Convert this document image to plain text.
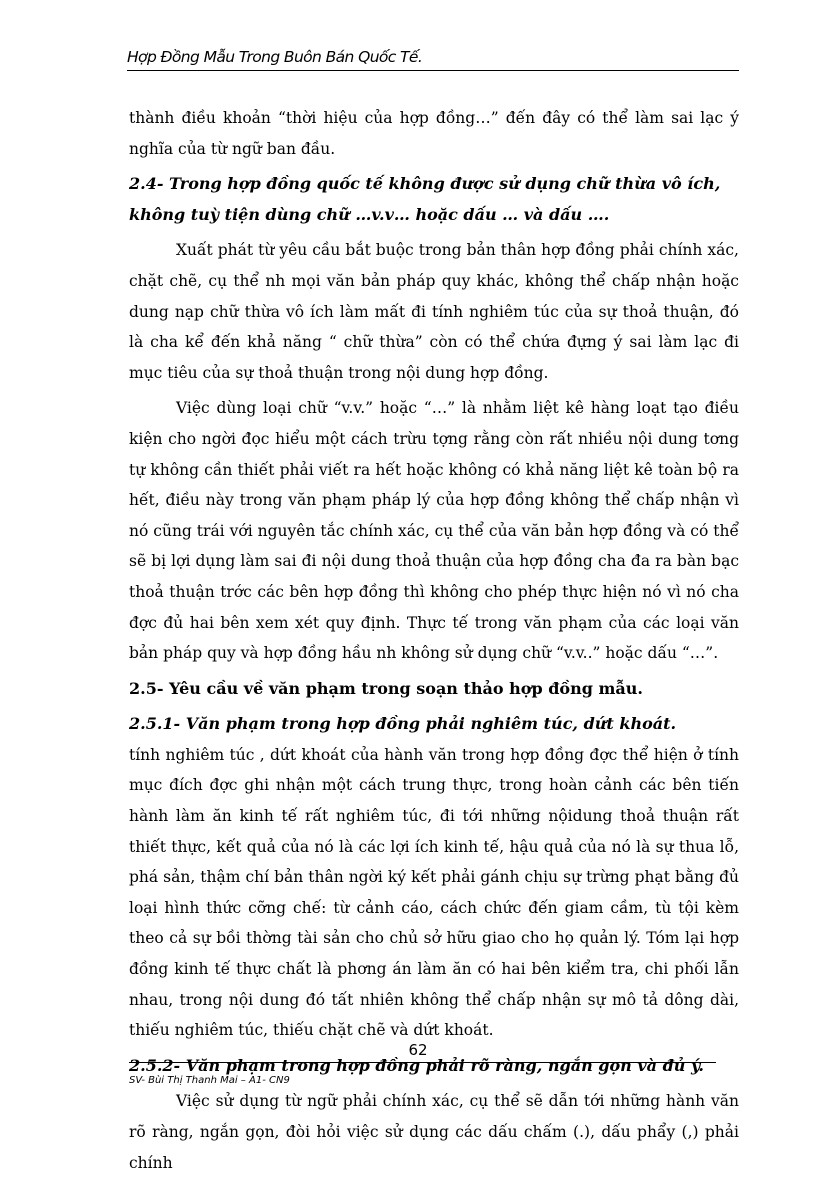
Hợp Đồng Mẫu Trong Buôn Bán Quốc Tế.

thành điều khoản “thời hiệu của hợp đồng…” đến đây có thể làm sai lạc ý nghĩa của từ ngữ ban đầu.

2.4- Trong hợp đồng quốc tế không được sử dụng chữ thừa vô ích, không tuỳ tiện dùng chữ …v.v… hoặc dấu … và dấu ….

Xuất phát từ yêu cầu bắt buộc trong bản thân hợp đồng phải chính xác, chặt chẽ, cụ thể nh mọi văn bản pháp quy khác, không thể chấp nhận hoặc dung nạp chữ thừa vô ích làm mất đi tính nghiêm túc của sự thoả thuận, đó là cha kể đến khả năng “ chữ thừa” còn có thể chứa đựng ý sai làm lạc đi mục tiêu của sự thoả thuận trong nội dung hợp đồng.

Việc dùng loại chữ “v.v.” hoặc “…” là nhằm liệt kê hàng loạt tạo điều kiện cho ngời đọc hiểu một cách trừu tợng rằng còn rất nhiều nội dung tơng tự không cần thiết phải viết ra hết hoặc không có khả năng liệt kê toàn bộ ra hết, điều này trong văn phạm pháp lý của hợp đồng không thể chấp nhận vì nó cũng trái với nguyên tắc chính xác, cụ thể của văn bản hợp đồng và có thể sẽ bị lợi dụng làm sai đi nội dung thoả thuận của hợp đồng cha đa ra bàn bạc thoả thuận trớc các bên hợp đồng thì không cho phép thực hiện nó vì nó cha đợc đủ hai bên xem xét quy định. Thực tế trong văn phạm của các loại văn bản pháp quy và hợp đồng hầu nh không sử dụng chữ “v.v..” hoặc dấu “…”.

2.5- Yêu cầu về văn phạm trong soạn thảo hợp đồng mẫu.

2.5.1- Văn phạm trong hợp đồng phải nghiêm túc, dứt khoát.

tính nghiêm túc , dứt khoát của hành văn trong hợp đồng đợc thể hiện ở tính mục đích đợc ghi nhận một cách trung thực, trong hoàn cảnh các bên tiến hành làm ăn kinh tế rất nghiêm túc, đi tới những nộidung thoả thuận rất thiết thực, kết quả của nó là các lợi ích kinh tế, hậu quả của nó là sự thua lỗ, phá sản, thậm chí bản thân ngời ký kết phải gánh chịu sự trừng phạt bằng đủ loại hình thức cỡng chế: từ cảnh cáo, cách chức đến giam cầm, tù tội kèm theo cả sự bồi thờng tài sản cho chủ sở hữu giao cho họ quản lý. Tóm lại hợp đồng kinh tế thực chất là phơng án làm ăn có hai bên kiểm tra, chi phối lẫn nhau, trong nội dung đó tất nhiên không thể chấp nhận sự mô tả dông dài, thiếu nghiêm túc, thiếu chặt chẽ và dứt khoát.

2.5.2- Văn phạm trong hợp đồng phải rõ ràng, ngắn gọn và đủ ý.

Việc sử dụng từ ngữ phải chính xác, cụ thể sẽ dẫn tới những hành văn rõ ràng, ngắn gọn, đòi hỏi việc sử dụng các dấu chấm (.), dấu phẩy (,) phải chính

62
SV- Bùi Thị Thanh Mai – A1- CN9
